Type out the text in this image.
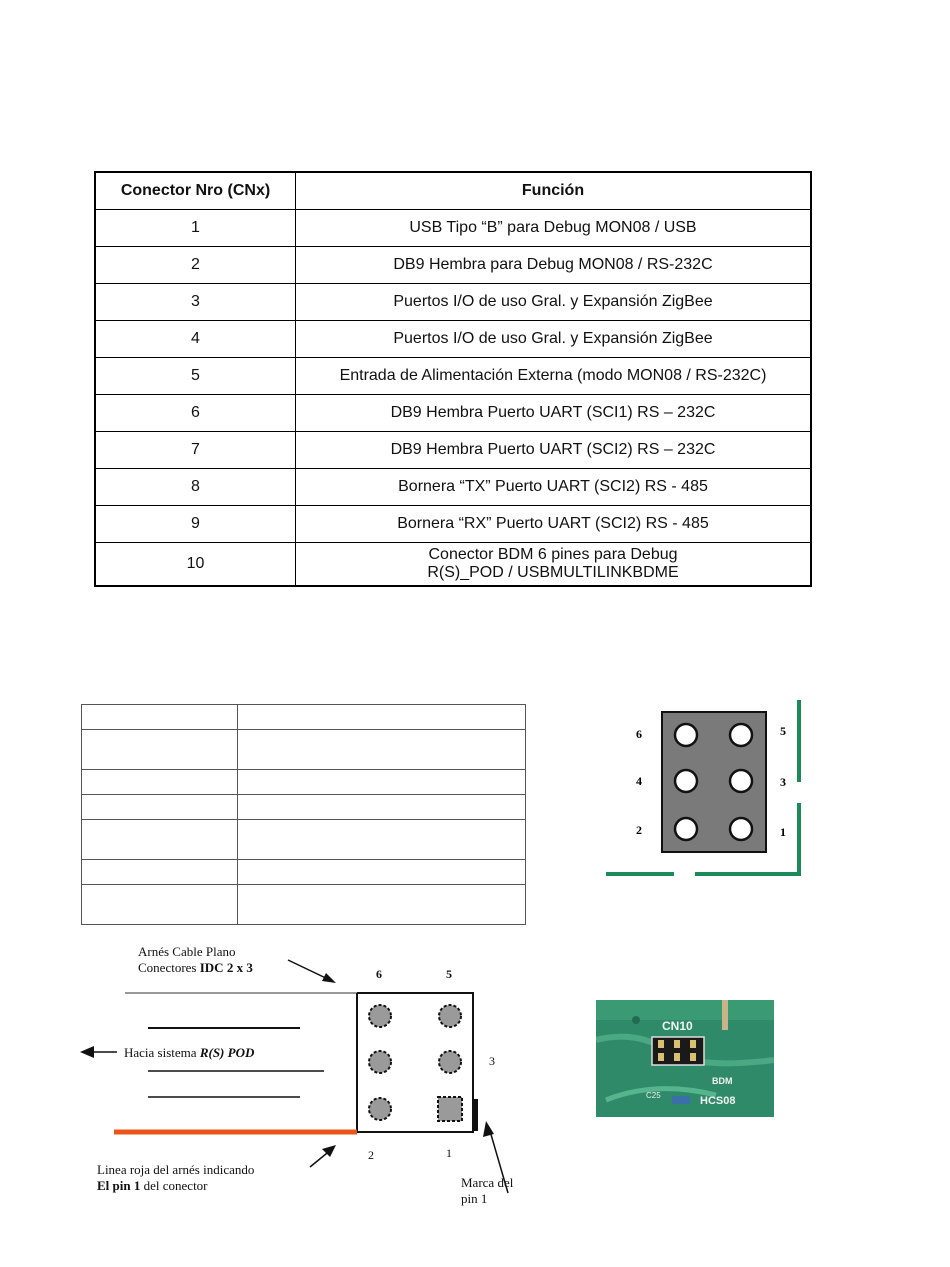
Conector Nro (CNx)	Función
1	USB Tipo “B” para Debug MON08 / USB
2	DB9 Hembra para Debug MON08 / RS-232C
3	Puertos I/O de uso Gral. y Expansión ZigBee
4	Puertos I/O de uso Gral. y Expansión ZigBee
5	Entrada de Alimentación Externa (modo MON08 / RS-232C)
6	DB9 Hembra Puerto UART (SCI1) RS – 232C
7	DB9 Hembra Puerto UART (SCI2) RS – 232C
8	Bornera “TX” Puerto UART (SCI2) RS - 485
9	Bornera “RX” Puerto UART (SCI2) RS - 485
10	Conector BDM 6 pines para Debug
R(S)_POD / USBMULTILINKBDME

6
4
2
5
3
1
Arnés Cable Plano
Conectores IDC 2 x 3
Hacia sistema R(S) POD
Linea roja del arnés indicando
El pin 1 del conector	Marca del
pin 1
6	5
3
2	1
CN10
BDM
HCS08
C25
